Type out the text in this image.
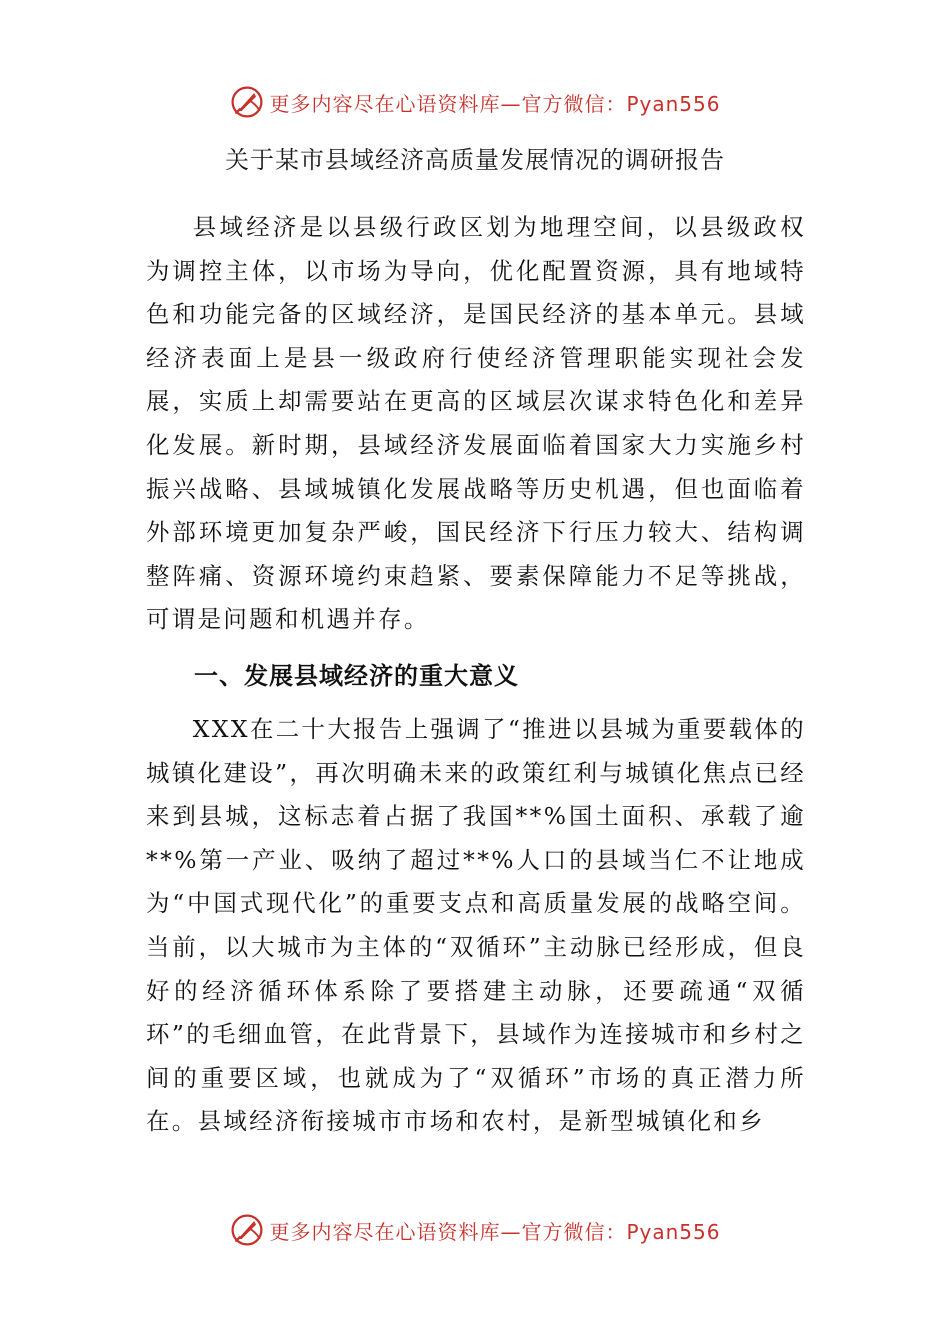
更多内容尽在心语资料库—官方微信：Pyan556
关于某市县域经济高质量发展情况的调研报告

县域经济是以县级行政区划为地理空间，以县级政权为调控主体，以市场为导向，优化配置资源，具有地域特色和功能完备的区域经济，是国民经济的基本单元。县域经济表面上是县一级政府行使经济管理职能实现社会发展，实质上却需要站在更高的区域层次谋求特色化和差异化发展。新时期，县域经济发展面临着国家大力实施乡村振兴战略、县域城镇化发展战略等历史机遇，但也面临着外部环境更加复杂严峻，国民经济下行压力较大、结构调整阵痛、资源环境约束趋紧、要素保障能力不足等挑战，可谓是问题和机遇并存。

一、发展县域经济的重大意义

XXX在二十大报告上强调了“推进以县城为重要载体的城镇化建设”，再次明确未来的政策红利与城镇化焦点已经来到县城，这标志着占据了我国**%国土面积、承载了逾**%第一产业、吸纳了超过**%人口的县域当仁不让地成为“中国式现代化”的重要支点和高质量发展的战略空间。当前，以大城市为主体的“双循环”主动脉已经形成，但良好的经济循环体系除了要搭建主动脉，还要疏通“双循环”的毛细血管，在此背景下，县域作为连接城市和乡村之间的重要区域，也就成为了“双循环”市场的真正潜力所在。县域经济衔接城市市场和农村，是新型城镇化和乡

更多内容尽在心语资料库—官方微信：Pyan556
